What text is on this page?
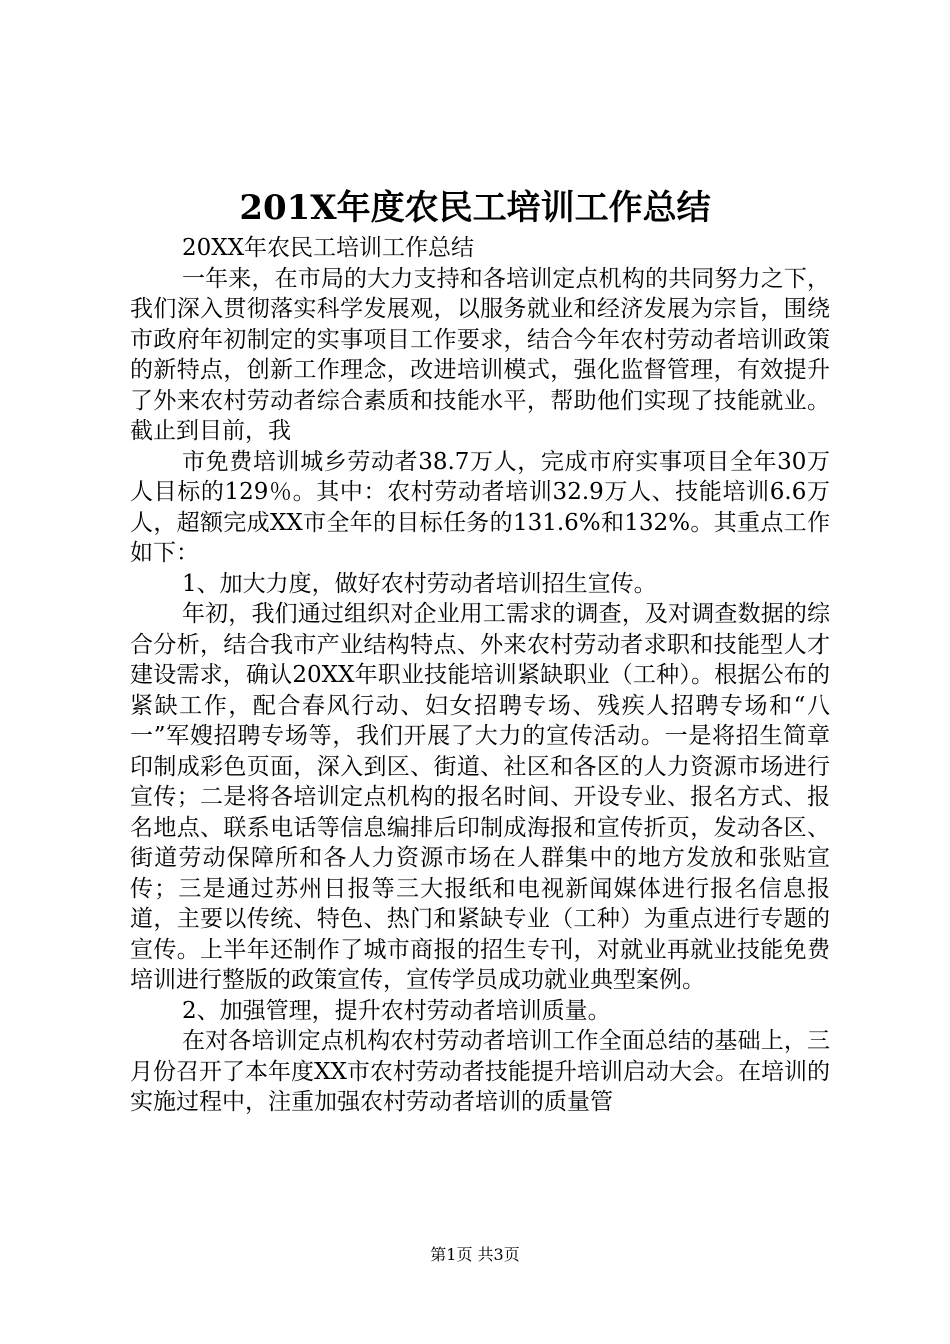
201X年度农民工培训工作总结

20XX年农民工培训工作总结

一年来，在市局的大力支持和各培训定点机构的共同努力之下，我们深入贯彻落实科学发展观，以服务就业和经济发展为宗旨，围绕市政府年初制定的实事项目工作要求，结合今年农村劳动者培训政策的新特点，创新工作理念，改进培训模式，强化监督管理，有效提升了外来农村劳动者综合素质和技能水平，帮助他们实现了技能就业。截止到目前，我

市免费培训城乡劳动者38.7万人，完成市府实事项目全年30万人目标的129％。其中：农村劳动者培训32.9万人、技能培训6.6万人，超额完成XX市全年的目标任务的131.6%和132%。其重点工作如下：

1、加大力度，做好农村劳动者培训招生宣传。

年初，我们通过组织对企业用工需求的调查，及对调查数据的综合分析，结合我市产业结构特点、外来农村劳动者求职和技能型人才建设需求，确认20XX年职业技能培训紧缺职业（工种）。根据公布的紧缺工作，配合春风行动、妇女招聘专场、残疾人招聘专场和“八一”军嫂招聘专场等，我们开展了大力的宣传活动。一是将招生简章印制成彩色页面，深入到区、街道、社区和各区的人力资源市场进行宣传；二是将各培训定点机构的报名时间、开设专业、报名方式、报名地点、联系电话等信息编排后印制成海报和宣传折页，发动各区、街道劳动保障所和各人力资源市场在人群集中的地方发放和张贴宣传；三是通过苏州日报等三大报纸和电视新闻媒体进行报名信息报道，主要以传统、特色、热门和紧缺专业（工种）为重点进行专题的宣传。上半年还制作了城市商报的招生专刊，对就业再就业技能免费培训进行整版的政策宣传，宣传学员成功就业典型案例。

2、加强管理，提升农村劳动者培训质量。

在对各培训定点机构农村劳动者培训工作全面总结的基础上，三月份召开了本年度XX市农村劳动者技能提升培训启动大会。在培训的实施过程中，注重加强农村劳动者培训的质量管

第1页 共3页
